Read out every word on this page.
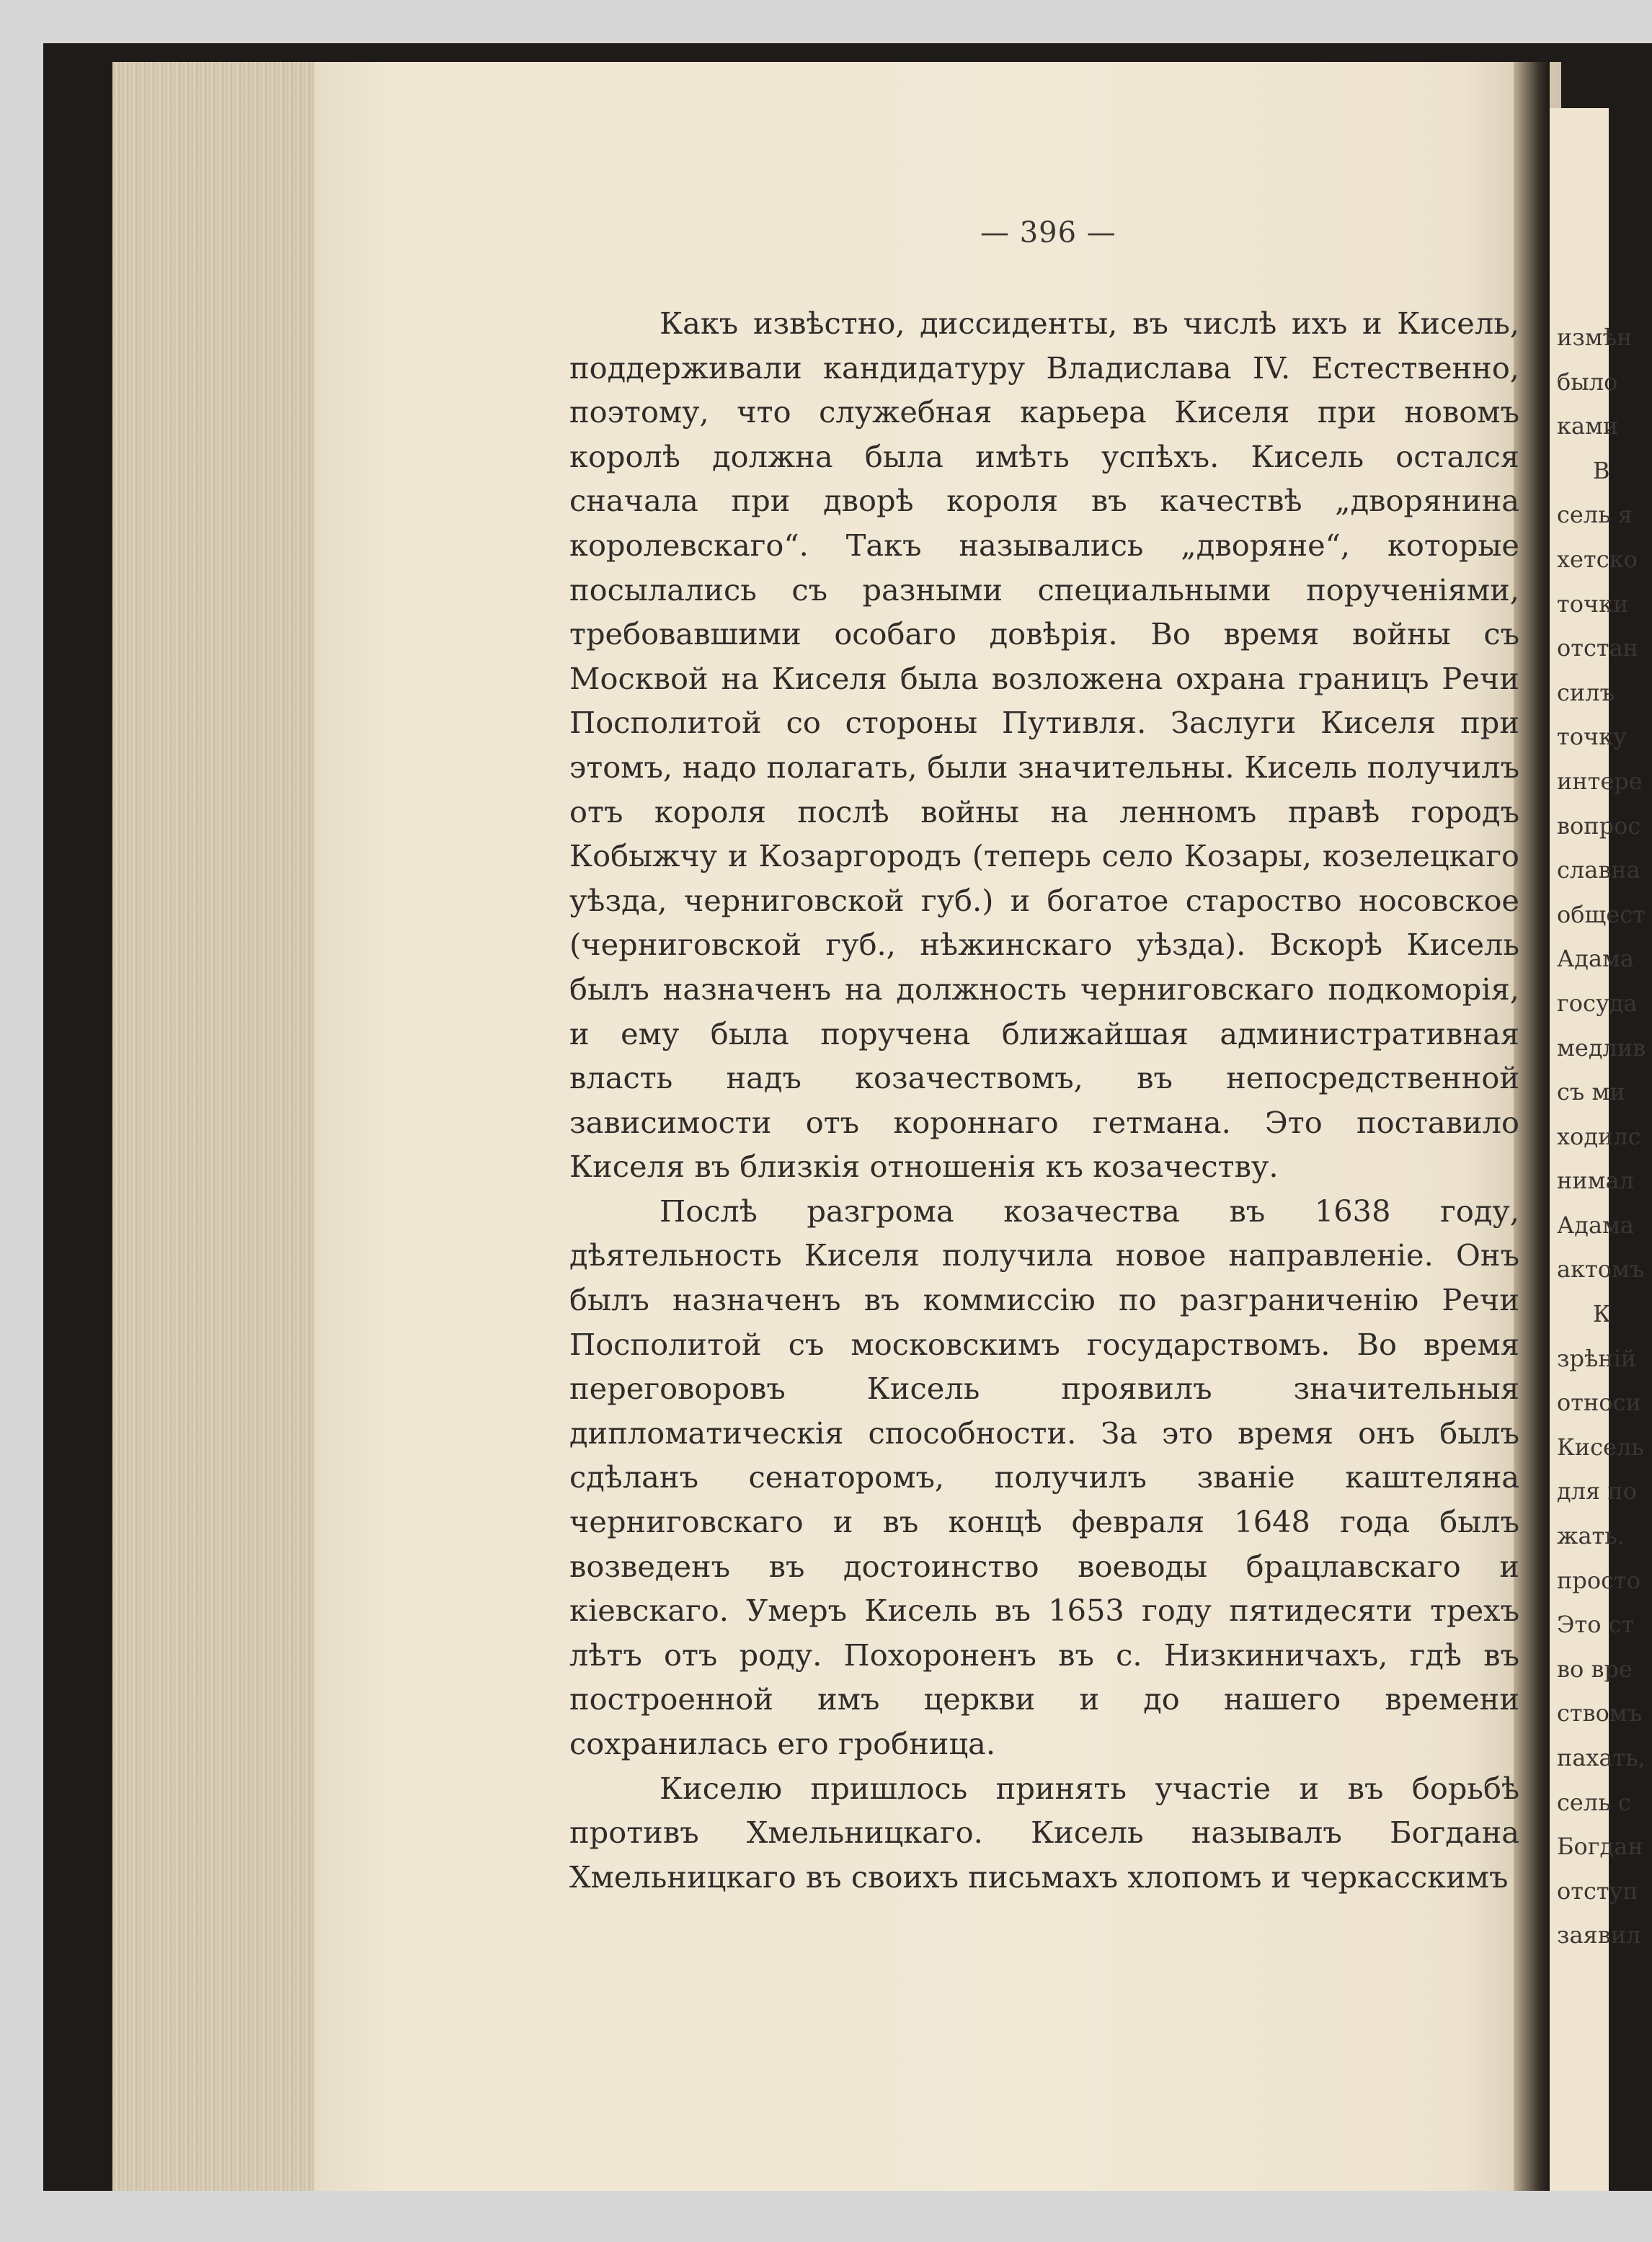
— 396 —

Какъ извѣстно, диссиденты, въ числѣ ихъ и Кисель, поддерживали кандидатуру Владислава IV. Естественно, поэтому, что служебная карьера Киселя при новомъ королѣ должна была имѣть успѣхъ. Кисель остался сначала при дворѣ короля въ качествѣ „дворянина королевскаго“. Такъ назывались „дворяне“, которые посылались съ разными специальными порученіями, требовавшими особаго довѣрія. Во время войны съ Москвой на Киселя была возложена охрана границъ Речи Посполитой со стороны Путивля. Заслуги Киселя при этомъ, надо полагать, были значительны. Кисель получилъ отъ короля послѣ войны на ленномъ правѣ городъ Кобыжчу и Козаргородъ (теперь село Козары, козелецкаго уѣзда, черниговской губ.) и богатое староство носовское (черниговской губ., нѣжинскаго уѣзда). Вскорѣ Кисель былъ назначенъ на должность черниговскаго подкоморія, и ему была поручена ближайшая административная власть надъ козачествомъ, въ непосредственной зависимости отъ короннаго гетмана. Это поставило Киселя въ близкія отношенія къ козачеству.

Послѣ разгрома козачества въ 1638 году, дѣятельность Киселя получила новое направленіе. Онъ былъ назначенъ въ коммиссію по разграниченію Речи Посполитой съ московскимъ государствомъ. Во время переговоровъ Кисель проявилъ значительныя дипломатическія способности. За это время онъ былъ сдѣланъ сенаторомъ, получилъ званіе каштеляна черниговскаго и въ концѣ февраля 1648 года былъ возведенъ въ достоинство воеводы брацлавскаго и кіевскаго. Умеръ Кисель въ 1653 году пятидесяти трехъ лѣтъ отъ роду. Похороненъ въ с. Низкиничахъ, гдѣ въ построенной имъ церкви и до нашего времени сохранилась его гробница.

Киселю пришлось принять участіе и въ борьбѣ противъ Хмельницкаго. Кисель называлъ Богдана Хмельницкаго въ своихъ письмахъ хлопомъ и черкасскимъ

измѣн
было
ками
В
сель я
хетско
точки
отстан
силъ
точку
интере
вопрос
славна
общест
Адама
госуда
медлив
съ ми
ходилс
нимал
Адама
актомъ
К
зрѣній
относи
Кисель
для по
жать.
просто
Это ст
во вре
ствомъ
пахать,
сель с
Богдан
отступ
заявил
